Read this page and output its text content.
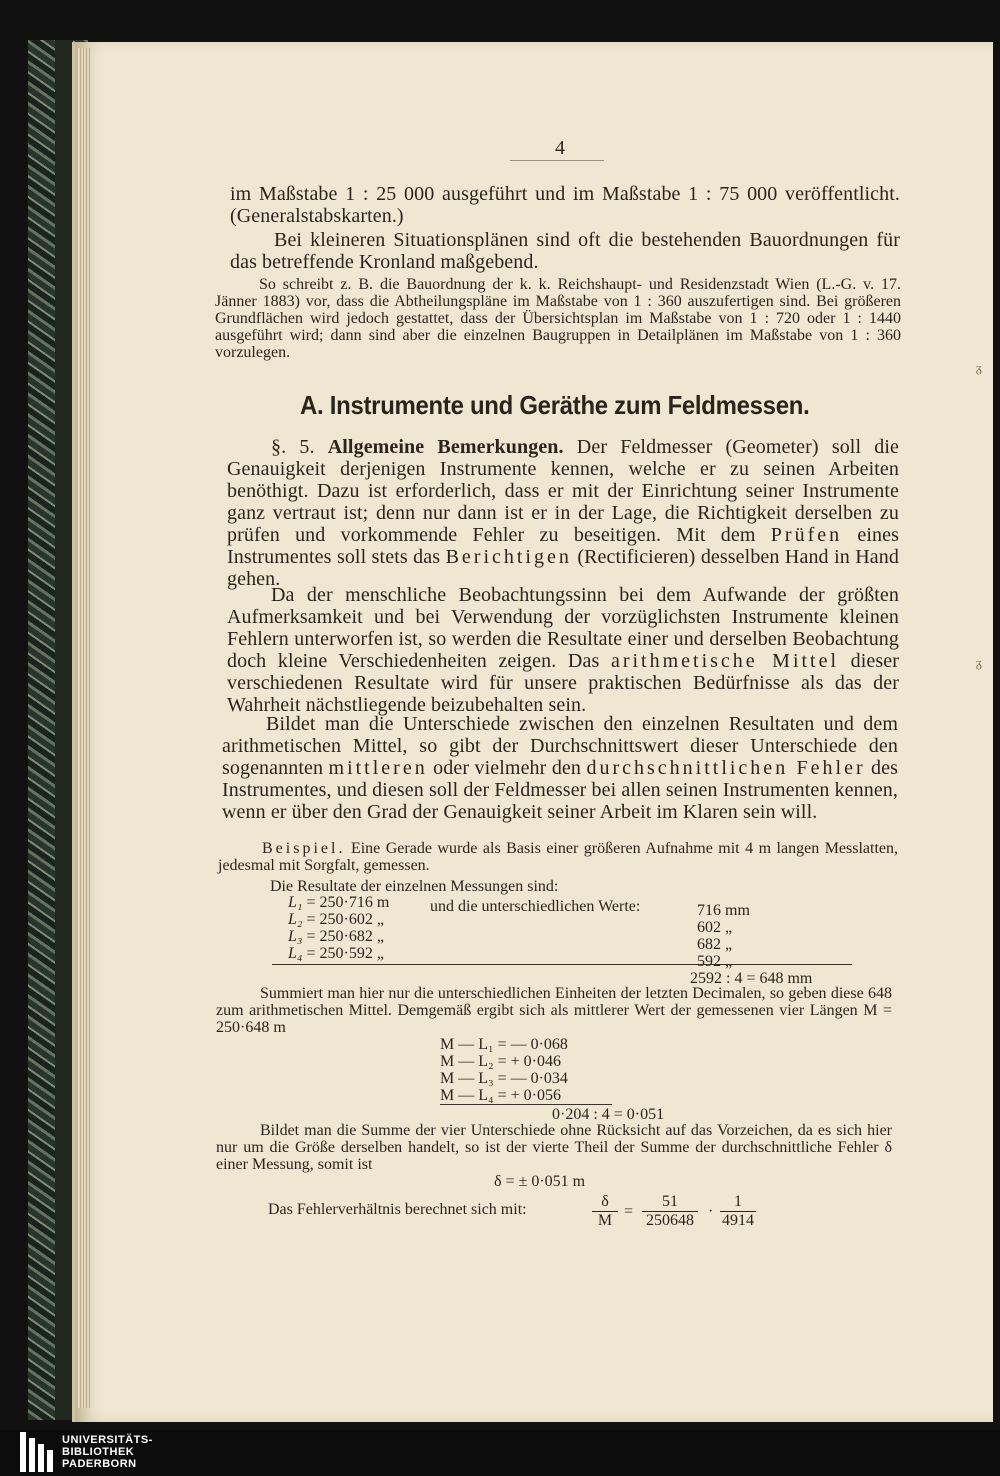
ᵹ
ᵹ
4

im Maßstabe 1 : 25 000 ausgeführt und im Maßstabe 1 : 75 000 veröffentlicht.

(Generalstabskarten.)

Bei kleineren Situationsplänen sind oft die bestehenden Bauordnungen für das betreffende Kronland maßgebend.

So schreibt z. B. die Bauordnung der k. k. Reichshaupt- und Residenzstadt Wien (L.-G. v. 17. Jänner 1883) vor, dass die Abtheilungspläne im Maßstabe von 1 : 360 auszufertigen sind. Bei größeren Grundflächen wird jedoch gestattet, dass der Übersichtsplan im Maßstabe von 1 : 720 oder 1 : 1440 ausgeführt wird; dann sind aber die einzelnen Baugruppen in Detailplänen im Maßstabe von 1 : 360 vorzulegen.

A. Instrumente und Geräthe zum Feldmessen.

§. 5. Allgemeine Bemerkungen. Der Feldmesser (Geometer) soll die Genauigkeit derjenigen Instrumente kennen, welche er zu seinen Arbeiten benöthigt. Dazu ist erforderlich, dass er mit der Einrichtung seiner Instrumente ganz vertraut ist; denn nur dann ist er in der Lage, die Richtigkeit derselben zu prüfen und vorkommende Fehler zu beseitigen. Mit dem Prüfen eines Instrumentes soll stets das Berichtigen (Rectificieren) desselben Hand in Hand gehen.

Da der menschliche Beobachtungssinn bei dem Aufwande der größten Aufmerksamkeit und bei Verwendung der vorzüglichsten Instrumente kleinen Fehlern unterworfen ist, so werden die Resultate einer und derselben Beobachtung doch kleine Verschiedenheiten zeigen. Das arithmetische Mittel dieser verschiedenen Resultate wird für unsere praktischen Bedürfnisse als das der Wahrheit nächstliegende beizubehalten sein.

Bildet man die Unterschiede zwischen den einzelnen Resultaten und dem arithmetischen Mittel, so gibt der Durchschnittswert dieser Unterschiede den sogenannten mittleren oder vielmehr den durchschnittlichen Fehler des Instrumentes, und diesen soll der Feldmesser bei allen seinen Instrumenten kennen, wenn er über den Grad der Genauigkeit seiner Arbeit im Klaren sein will.

Beispiel. Eine Gerade wurde als Basis einer größeren Aufnahme mit 4 m langen Messlatten, jedesmal mit Sorgfalt, gemessen.

Die Resultate der einzelnen Messungen sind:
L₁ = 250·716 m
L₂ = 250·602 „
L₃ = 250·682 „
L₄ = 250·592 „
und die unterschiedlichen Werte:	716 mm
602 „
682 „
592 „
2592 : 4 = 648 mm

Summiert man hier nur die unterschiedlichen Einheiten der letzten Decimalen, so geben diese 648 zum arithmetischen Mittel. Demgemäß ergibt sich als mittlerer Wert der gemessenen vier Längen M = 250·648 m

M — L₁ = — 0·068
M — L₂ = + 0·046
M — L₃ = — 0·034
M — L₄ = + 0·056
0·204 : 4 = 0·051

Bildet man die Summe der vier Unterschiede ohne Rücksicht auf das Vorzeichen, da es sich hier nur um die Größe derselben handelt, so ist der vierte Theil der Summe der durchschnittliche Fehler δ einer Messung, somit ist

δ = ± 0·051 m
Das Fehlerverhältnis berechnet sich mit:	$\frac{\delta}{M} = \frac{51}{250648} \cdot \frac{1}{4914}$
UNIVERSITÄTS-
BIBLIOTHEK
PADERBORN
